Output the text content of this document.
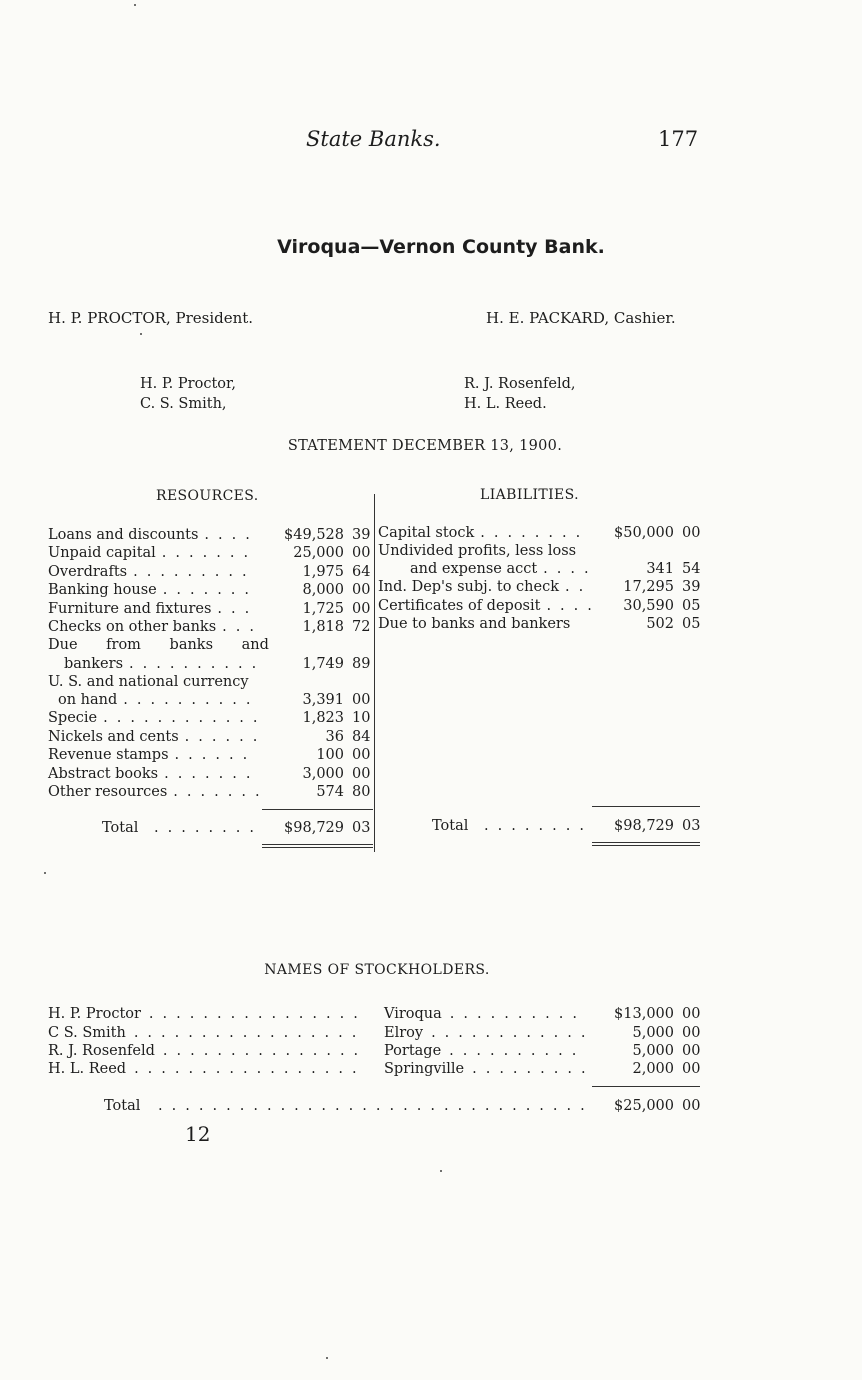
State Banks.	177
Viroqua—Vernon County Bank.
H. P. PROCTOR, President.	H. E. PACKARD, Cashier.
H. P. Proctor,
C. S. Smith,
R. J. Rosenfeld,
H. L. Reed.
STATEMENT DECEMBER 13, 1900.
RESOURCES.	LIABILITIES.
Loans and discounts . . . .	$49,528 39
Unpaid capital . . . . . . .	25,000 00
Overdrafts . . . . . . . . .	1,975 64
Banking house . . . . . . .	8,000 00
Furniture and fixtures . . .	1,725 00
Checks on other banks . . .	1,818 72
Due from banks and
bankers . . . . . . . . . .	1,749 89
U. S. and national currency
on hand . . . . . . . . . .	3,391 00
Specie . . . . . . . . . . . .	1,823 10
Nickels and cents . . . . . .	36 84
Revenue stamps . . . . . .	100 00
Abstract books . . . . . . .	3,000 00
Other resources . . . . . . .	574 80
Total . . . . . . . .	$98,729 03
Capital stock . . . . . . . .	$50,000 00
Undivided profits, less loss
and expense acct . . . .	341 54
Ind. Dep's subj. to check . .	17,295 39
Certificates of deposit . . . .	30,590 05
Due to banks and bankers	502 05
Total . . . . . . . .	$98,729 03
NAMES OF STOCKHOLDERS.
H. P. Proctor . . . . . . . . . . . . . . . .	Viroqua . . . . . . . . . .	$13,000 00
C S. Smith . . . . . . . . . . . . . . . . .	Elroy . . . . . . . . . . . .	5,000 00
R. J. Rosenfeld . . . . . . . . . . . . . . .	Portage . . . . . . . . . .	5,000 00
H. L. Reed . . . . . . . . . . . . . . . . .	Springville . . . . . . . . .	2,000 00
Total . . . . . . . . . . . . . . . . . . . . . . . . . . . . . . . .	$25,000 00
12
